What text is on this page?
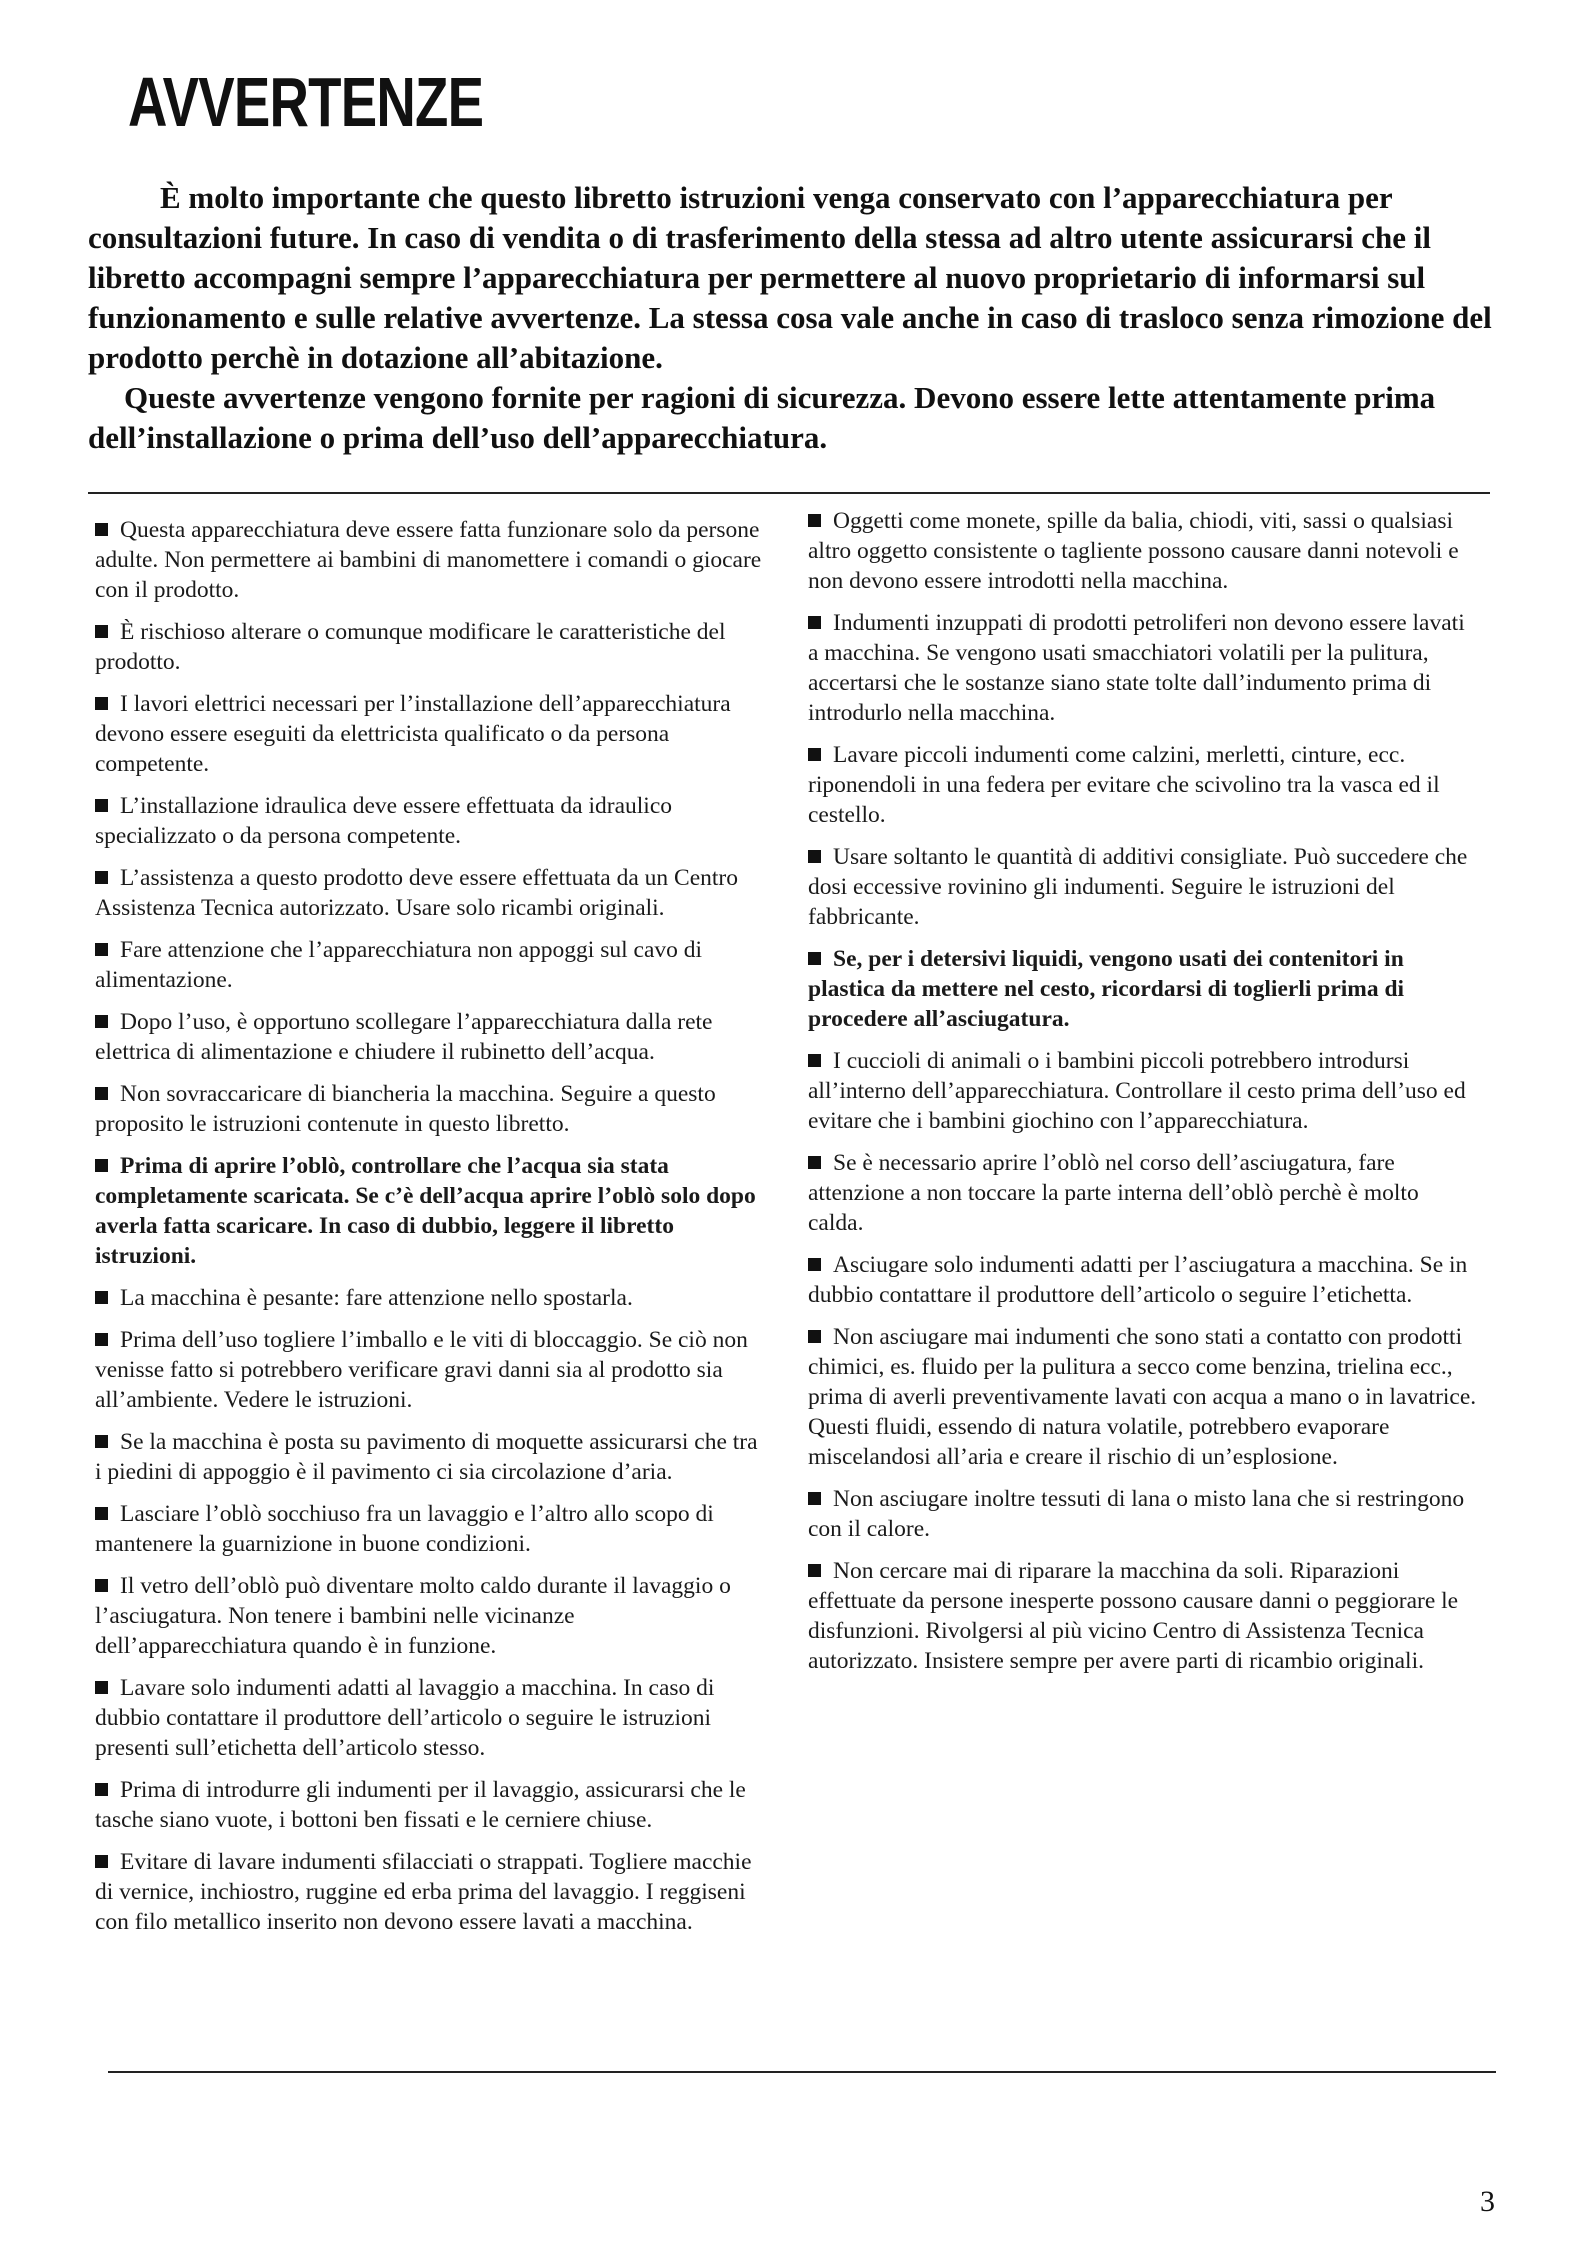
AVVERTENZE

È molto importante che questo libretto istruzioni venga conservato con l’apparecchiatura per consultazioni future. In caso di vendita o di trasferimento della stessa ad altro utente assicurarsi che il libretto accompagni sempre l’apparecchiatura per permettere al nuovo proprietario di informarsi sul funzionamento e sulle relative avvertenze. La stessa cosa vale anche in caso di trasloco senza rimozione del prodotto perchè in dotazione all’abitazione.

Queste avvertenze vengono fornite per ragioni di sicurezza. Devono essere lette attentamente prima dell’installazione o prima dell’uso dell’apparecchiatura.

Questa apparecchiatura deve essere fatta funzionare solo da persone adulte. Non permettere ai bambini di manomettere i comandi o giocare con il prodotto.

È rischioso alterare o comunque modificare le caratteristiche del prodotto.

I lavori elettrici necessari per l’installazione dell’apparecchiatura devono essere eseguiti da elettricista qualificato o da persona competente.

L’installazione idraulica deve essere effettuata da idraulico specializzato o da persona competente.

L’assistenza a questo prodotto deve essere effettuata da un Centro Assistenza Tecnica autorizzato. Usare solo ricambi originali.

Fare attenzione che l’apparecchiatura non appoggi sul cavo di alimentazione.

Dopo l’uso, è opportuno scollegare l’apparecchiatura dalla rete elettrica di alimentazione e chiudere il rubinetto dell’acqua.

Non sovraccaricare di biancheria la macchina. Seguire a questo proposito le istruzioni contenute in questo libretto.

Prima di aprire l’oblò, controllare che l’acqua sia stata completamente scaricata. Se c’è dell’acqua aprire l’oblò solo dopo averla fatta scaricare. In caso di dubbio, leggere il libretto istruzioni.

La macchina è pesante: fare attenzione nello spostarla.

Prima dell’uso togliere l’imballo e le viti di bloccaggio. Se ciò non venisse fatto si potrebbero verificare gravi danni sia al prodotto sia all’ambiente. Vedere le istruzioni.

Se la macchina è posta su pavimento di moquette assicurarsi che tra i piedini di appoggio è il pavimento ci sia circolazione d’aria.

Lasciare l’oblò socchiuso fra un lavaggio e l’altro allo scopo di mantenere la guarnizione in buone condizioni.

Il vetro dell’oblò può diventare molto caldo durante il lavaggio o l’asciugatura. Non tenere i bambini nelle vicinanze dell’apparecchiatura quando è in funzione.

Lavare solo indumenti adatti al lavaggio a macchina. In caso di dubbio contattare il produttore dell’articolo o seguire le istruzioni presenti sull’etichetta dell’articolo stesso.

Prima di introdurre gli indumenti per il lavaggio, assicurarsi che le tasche siano vuote, i bottoni ben fissati e le cerniere chiuse.

Evitare di lavare indumenti sfilacciati o strappati. Togliere macchie di vernice, inchiostro, ruggine ed erba prima del lavaggio. I reggiseni con filo metallico inserito non devono essere lavati a macchina.

Oggetti come monete, spille da balia, chiodi, viti, sassi o qualsiasi altro oggetto consistente o tagliente possono causare danni notevoli e non devono essere introdotti nella macchina.

Indumenti inzuppati di prodotti petroliferi non devono essere lavati a macchina. Se vengono usati smacchiatori volatili per la pulitura, accertarsi che le sostanze siano state tolte dall’indumento prima di introdurlo nella macchina.

Lavare piccoli indumenti come calzini, merletti, cinture, ecc. riponendoli in una federa per evitare che scivolino tra la vasca ed il cestello.

Usare soltanto le quantità di additivi consigliate. Può succedere che dosi eccessive rovinino gli indumenti. Seguire le istruzioni del fabbricante.

Se, per i detersivi liquidi, vengono usati dei contenitori in plastica da mettere nel cesto, ricordarsi di toglierli prima di procedere all’asciugatura.

I cuccioli di animali o i bambini piccoli potrebbero introdursi all’interno dell’apparecchiatura. Controllare il cesto prima dell’uso ed evitare che i bambini giochino con l’apparecchiatura.

Se è necessario aprire l’oblò nel corso dell’asciugatura, fare attenzione a non toccare la parte interna dell’oblò perchè è molto calda.

Asciugare solo indumenti adatti per l’asciugatura a macchina. Se in dubbio contattare il produttore dell’articolo o seguire l’etichetta.

Non asciugare mai indumenti che sono stati a contatto con prodotti chimici, es. fluido per la pulitura a secco come benzina, trielina ecc., prima di averli preventivamente lavati con acqua a mano o in lavatrice. Questi fluidi, essendo di natura volatile, potrebbero evaporare miscelandosi all’aria e creare il rischio di un’esplosione.

Non asciugare inoltre tessuti di lana o misto lana che si restringono con il calore.

Non cercare mai di riparare la macchina da soli. Riparazioni effettuate da persone inesperte possono causare danni o peggiorare le disfunzioni. Rivolgersi al più vicino Centro di Assistenza Tecnica autorizzato. Insistere sempre per avere parti di ricambio originali.

3
